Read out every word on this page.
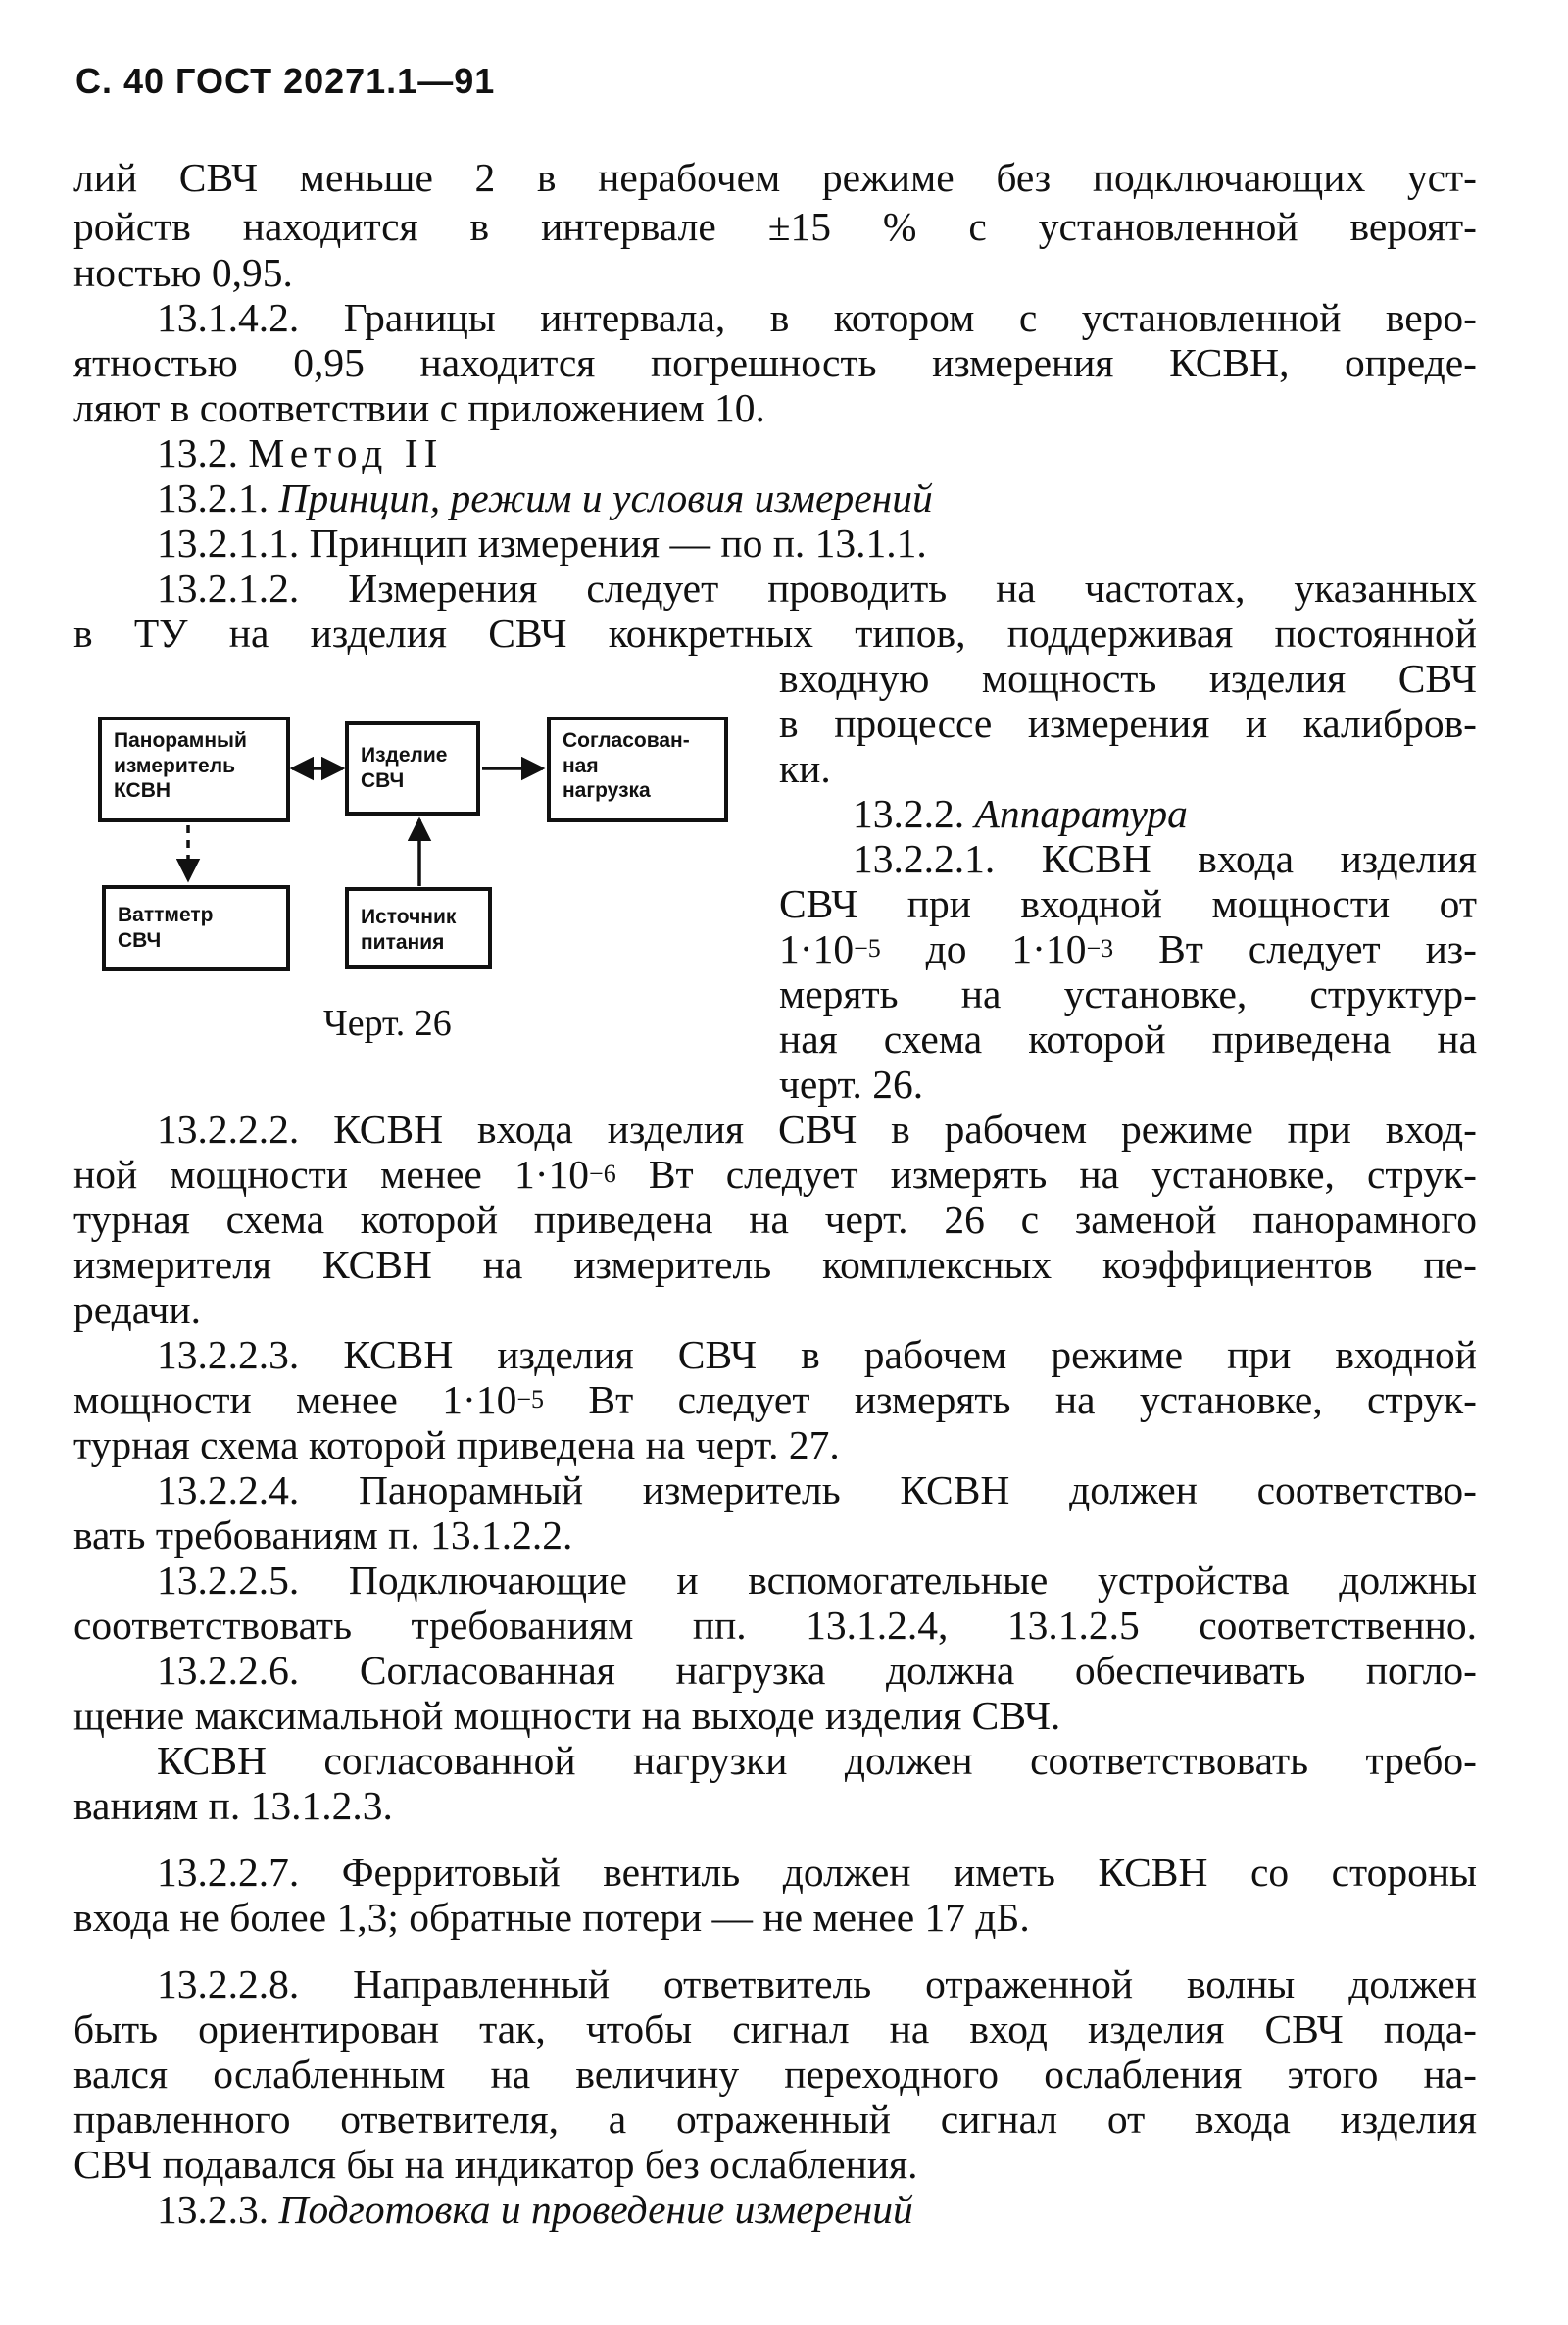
С. 40 ГОСТ 20271.1—91
лий СВЧ меньше 2 в нерабочем режиме без подключающих уст-
ройств находится в интервале ±15 % с установленной вероят-
ностью 0,95.
13.1.4.2. Границы интервала, в котором с установленной веро-
ятностью 0,95 находится погрешность измерения КСВН, опреде-
ляют в соответствии с приложением 10.
13.2. Метод II
13.2.1. Принцип, режим и условия измерений
13.2.1.1. Принцип измерения — по п. 13.1.1.
13.2.1.2. Измерения следует проводить на частотах, указанных
в ТУ на изделия СВЧ конкретных типов, поддерживая постоянной
входную мощность изделия СВЧ
в процессе измерения и калибров-
ки.
13.2.2. Аппаратура
13.2.2.1. КСВН входа изделия
СВЧ при входной мощности от
$1\cdot 10^{-5}$ до $1\cdot 10^{-3}$ Вт следует из-
мерять на установке, структур-
ная схема которой приведена на
черт. 26.
13.2.2.2. КСВН входа изделия СВЧ в рабочем режиме при вход-
ной мощности менее $1\cdot 10^{-6}$ Вт следует измерять на установке, струк-
турная схема которой приведена на черт. 26 с заменой панорамного
измерителя КСВН на измеритель комплексных коэффициентов пе-
редачи.
13.2.2.3. КСВН изделия СВЧ в рабочем режиме при входной
мощности менее $1\cdot 10^{-5}$ Вт следует измерять на установке, струк-
турная схема которой приведена на черт. 27.
13.2.2.4. Панорамный измеритель КСВН должен соответство-
вать требованиям п. 13.1.2.2.
13.2.2.5. Подключающие и вспомогательные устройства должны
соответствовать требованиям пп. 13.1.2.4, 13.1.2.5 соответственно.
13.2.2.6. Согласованная нагрузка должна обеспечивать погло-
щение максимальной мощности на выходе изделия СВЧ.
КСВН согласованной нагрузки должен соответствовать требо-
ваниям п. 13.1.2.3.
13.2.2.7. Ферритовый вентиль должен иметь КСВН со стороны
входа не более 1,3; обратные потери — не менее 17 дБ.
13.2.2.8. Направленный ответвитель отраженной волны должен
быть ориентирован так, чтобы сигнал на вход изделия СВЧ пода-
вался ослабленным на величину переходного ослабления этого на-
правленного ответвителя, а отраженный сигнал от входа изделия
СВЧ подавался бы на индикатор без ослабления.
13.2.3. Подготовка и проведение измерений
Панорамный
измеритель
КСВН
Изделие
СВЧ
Согласован-
ная
нагрузка
Ваттметр
СВЧ
Источник
питания
Черт. 26
